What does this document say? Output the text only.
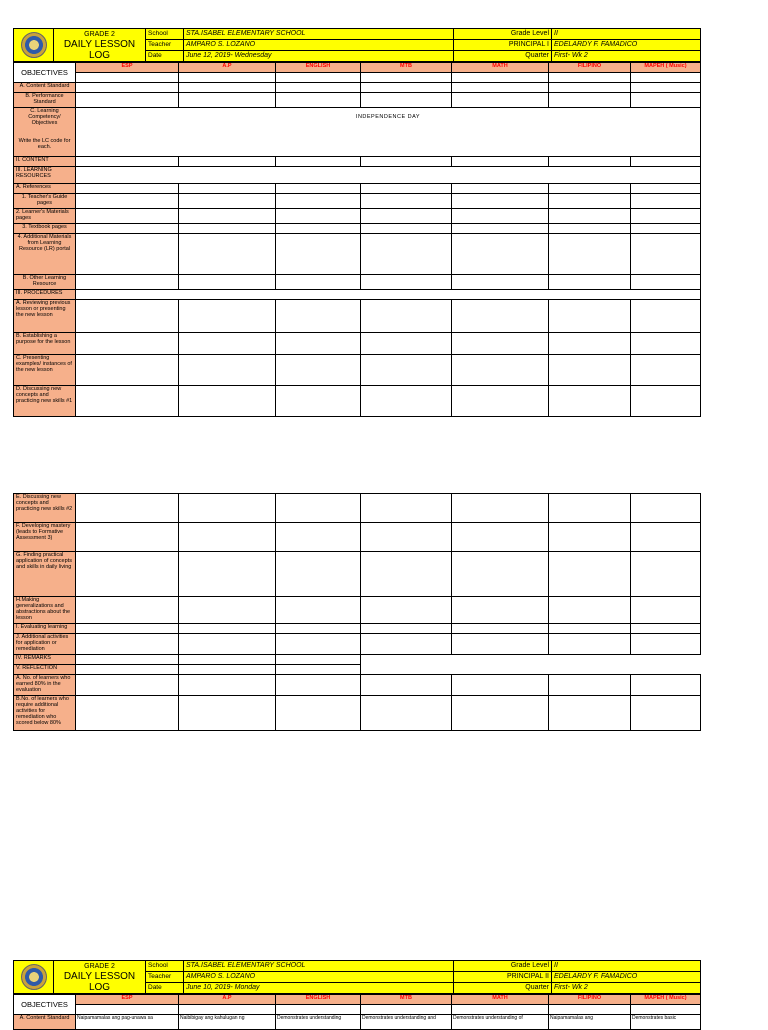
	GRADE 2
DAILY LESSON
LOG	School	STA.ISABEL ELEMENTARY SCHOOL	Grade Level	II
		Teacher	AMPARO S. LOZANO	PRINCIPAL I	EDELARDY F. FAMADICO
		Date	June 12, 2019- Wednesday	Quarter	First- Wk 2
OBJECTIVES	ESP	A.P	ENGLISH	MTB	MATH	FILIPINO	MAPEH ( Music)

A. Content Standard							
B. Performance Standard							
C. Learning Competency/ Objectives

Write the LC code for each.	INDEPENDENCE DAY						
II. CONTENT							
III. LEARNING RESOURCES							
A. References							
1. Teacher's Guide pages							
2. Learner's Materials pages							
3. Textbook pages							
4. Additional Materials from Learning Resource (LR) portal							
B. Other Learning Resource							
III. PROCEDURES							
A. Reviewing previous lesson or presenting the new lesson							
B. Establishing a purpose for the lesson							
C. Presenting examples/ instances of the new lesson							
D. Discussing new concepts and practicing new skills #1							
E. Discussing new concepts and practicing new skills #2							
F. Developing mastery (leads to Formative Assessment 3)							
G. Finding practical application of concepts and skills in daily living							
H.Making generalizations and abstractions about the lesson							
I. Evaluating learning							
J. Additional activities for application or remediation							
IV. REMARKS							
V. REFLECTION							
A. No. of learners who earned 80% in the evaluation							
B.No. of learners who require additional activities for remediation who scored below 80%							

	GRADE 2
DAILY LESSON
LOG	School	STA.ISABEL ELEMENTARY SCHOOL	Grade Level	II
		Teacher	AMPARO S. LOZANO	PRINCIPAL II	EDELARDY F. FAMADICO
		Date	June 10, 2019- Monday	Quarter	First- Wk 2
OBJECTIVES	ESP	A.P	ENGLISH	MTB	MATH	FILIPINO	MAPEH ( Music)

A. Content Standard	Naipamamalas ang pag-unawa sa	Naibibigay ang kahulugan ng	Demonstrates understanding	Demonstrates understanding and	Demonstrates understanding of	Naipamamalas ang	Demonstrates basic
